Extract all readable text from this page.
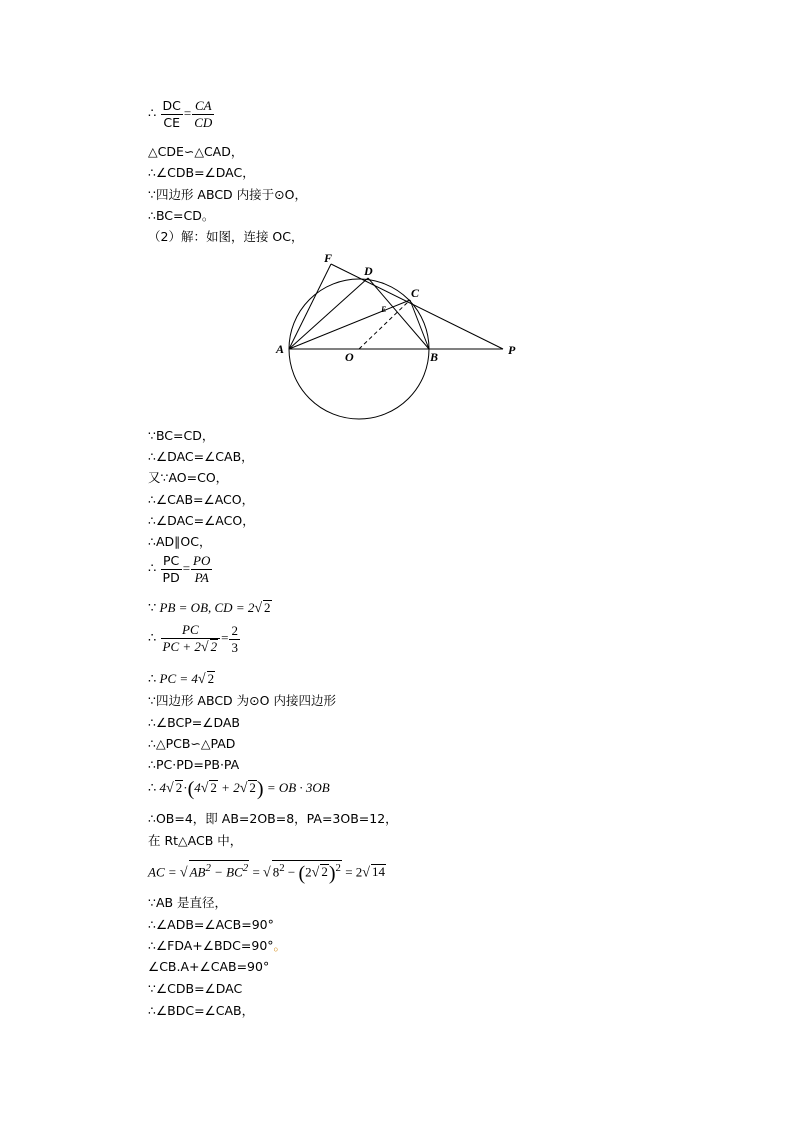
∴ $\frac{DC}{CE} = \frac{CA}{CD}$
△CDE∽△CAD，
∴∠CDB=∠DAC，
∵四边形 ABCD 内接于⊙O，
∴BC=CD。
（2）解：如图，连接 OC，
F
D
C
E
A
O	B	P
∵BC=CD，
∴∠DAC=∠CAB，
又∵AO=CO，
∴∠CAB=∠ACO，
∴∠DAC=∠ACO，
∴AD∥OC，
∴ $\frac{PC}{PD} = \frac{PO}{PA}$
∵ PB = OB, CD = 2√ 2
∴ $\frac{PC}{PC + 2√ 2} = \frac{2}{3}$
∴ PC = 4√ 2
∵四边形 ABCD 为⊙O 内接四边形
∴∠BCP=∠DAB
∴△PCB∽△PAD
∴PC·PD=PB·PA
∴ 4√ 2·(4√ 2 + 2√ 2) = OB · 3OB
∴OB=4，即 AB=2OB=8，PA=3OB=12，
在 Rt△ACB 中，
AC = √ $AB^2 - BC^2$ = √ $8^2 - (2√$ 2)$^2$ = 2√ 14
∵AB 是直径，
∴∠ADB=∠ACB=90°
∴∠FDA+∠BDC=90°。
∠CB.A+∠CAB=90°
∵∠CDB=∠DAC
∴∠BDC=∠CAB，
